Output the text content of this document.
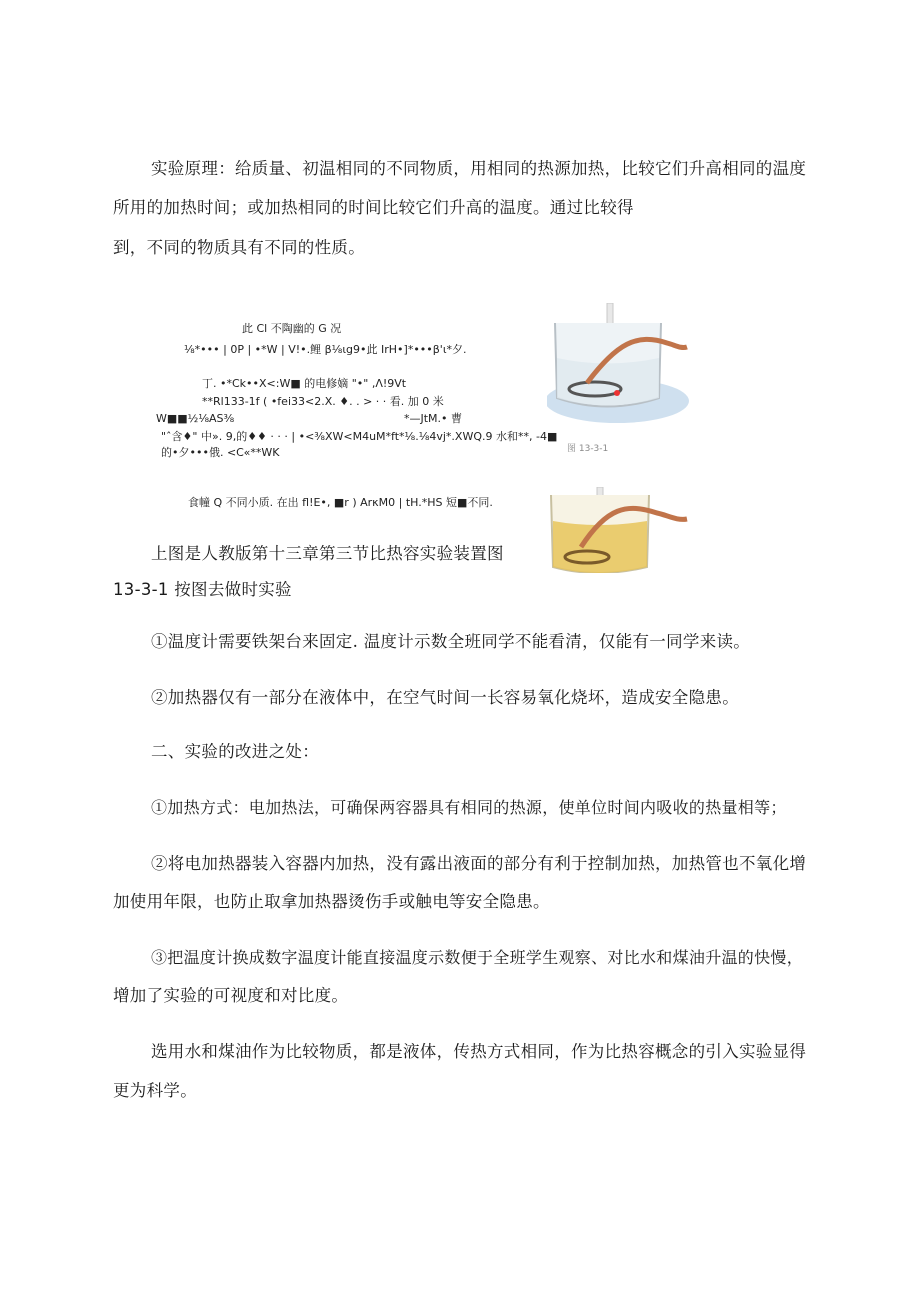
实验原理：给质量、初温相同的不同物质，用相同的热源加热，比较它们升高相同的温度
所用的加热时间；或加热相同的时间比较它们升高的温度。通过比较得
到，不同的物质具有不同的性质。
此 Cl 不陶幽的 G 况
⅛*••• | 0P | •*W | V!•.鲤 β⅛ιg9•此 IrH•]*•••β'ι*夕.
丁. •*Ck••X<:W■ 的电修嫡 "•" ,Λ!9Vt
**Rl133-1f ( •fei33<2.X. ♦. . > · · 看. 加 0 米
W■■½⅛AS⅜	*—JtM.• 曹
"ˆ含♦" 中». 9,的♦♦ · · · | •<⅜XW<M4uM*ft*⅛.⅛4vj*.XWQ.9 水和**, -4■
的•夕•••俄. <C«**WK
食幢 Q 不同小质. 在出 fl!E•, ■r ) ArκM0 | tH.*HS 短■不同.
图 13-3-1
上图是人教版第十三章第三节比热容实验装置图
13-3-1 按图去做时实验
①温度计需要铁架台来固定. 温度计示数全班同学不能看清，仅能有一同学来读。
②加热器仅有一部分在液体中，在空气时间一长容易氧化烧坏，造成安全隐患。
二、实验的改进之处：
①加热方式：电加热法，可确保两容器具有相同的热源，使单位时间内吸收的热量相等；
②将电加热器装入容器内加热，没有露出液面的部分有利于控制加热，加热管也不氧化增
加使用年限，也防止取拿加热器烫伤手或触电等安全隐患。
③把温度计换成数字温度计能直接温度示数便于全班学生观察、对比水和煤油升温的快慢，
增加了实验的可视度和对比度。
选用水和煤油作为比较物质，都是液体，传热方式相同，作为比热容概念的引入实验显得
更为科学。
